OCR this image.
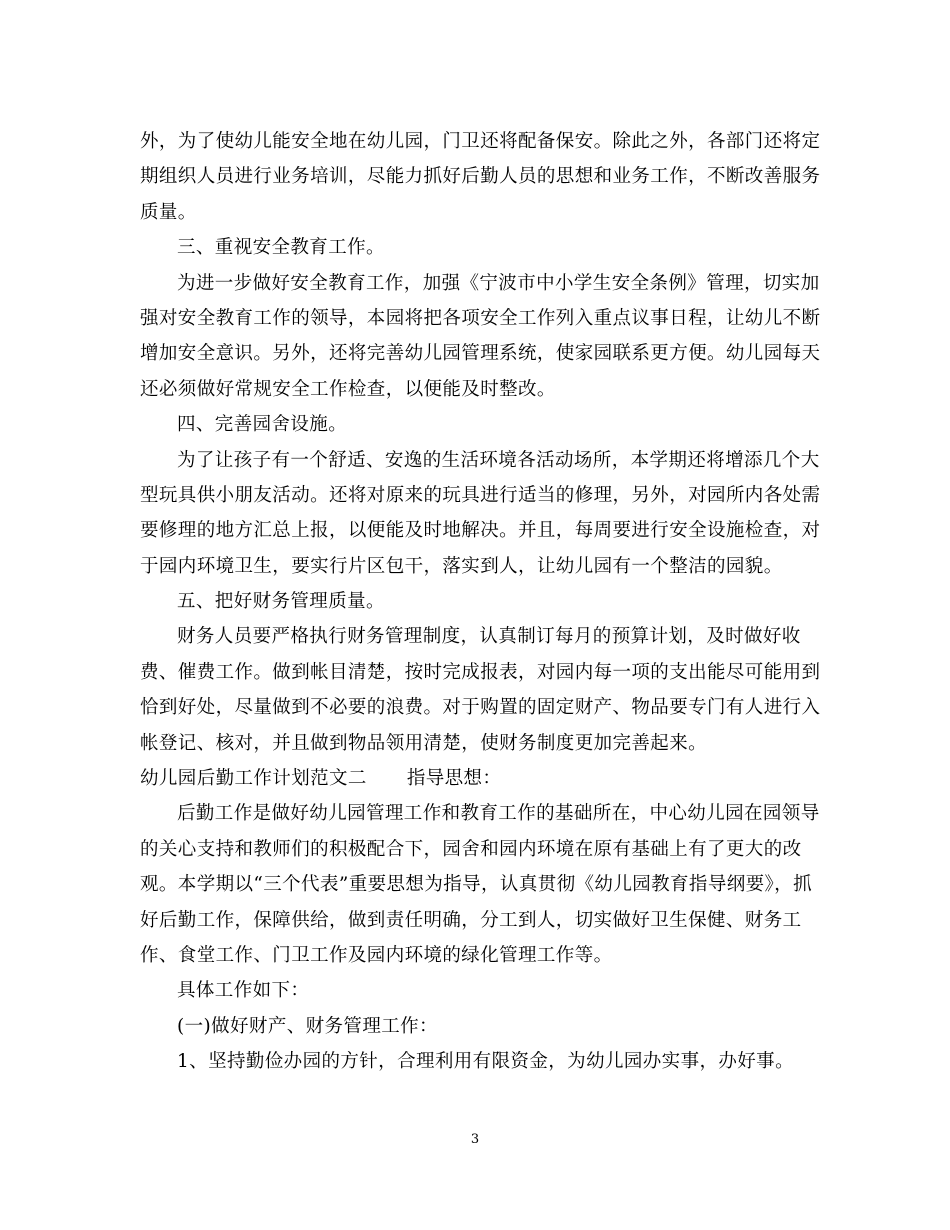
外，为了使幼儿能安全地在幼儿园，门卫还将配备保安。除此之外，各部门还将定
期组织人员进行业务培训，尽能力抓好后勤人员的思想和业务工作，不断改善服务
质量。
三、重视安全教育工作。
为进一步做好安全教育工作，加强《宁波市中小学生安全条例》管理，切实加
强对安全教育工作的领导，本园将把各项安全工作列入重点议事日程，让幼儿不断
增加安全意识。另外，还将完善幼儿园管理系统，使家园联系更方便。幼儿园每天
还必须做好常规安全工作检查，以便能及时整改。
四、完善园舍设施。
为了让孩子有一个舒适、安逸的生活环境各活动场所，本学期还将增添几个大
型玩具供小朋友活动。还将对原来的玩具进行适当的修理，另外，对园所内各处需
要修理的地方汇总上报，以便能及时地解决。并且，每周要进行安全设施检查，对
于园内环境卫生，要实行片区包干，落实到人，让幼儿园有一个整洁的园貌。
五、把好财务管理质量。
财务人员要严格执行财务管理制度，认真制订每月的预算计划，及时做好收
费、催费工作。做到帐目清楚，按时完成报表，对园内每一项的支出能尽可能用到
恰到好处，尽量做到不必要的浪费。对于购置的固定财产、物品要专门有人进行入
帐登记、核对，并且做到物品领用清楚，使财务制度更加完善起来。
幼儿园后勤工作计划范文二 指导思想：
后勤工作是做好幼儿园管理工作和教育工作的基础所在，中心幼儿园在园领导
的关心支持和教师们的积极配合下，园舍和园内环境在原有基础上有了更大的改
观。本学期以“三个代表”重要思想为指导，认真贯彻《幼儿园教育指导纲要》，抓
好后勤工作，保障供给，做到责任明确，分工到人，切实做好卫生保健、财务工
作、食堂工作、门卫工作及园内环境的绿化管理工作等。
具体工作如下：
(一)做好财产、财务管理工作：
1、坚持勤俭办园的方针，合理利用有限资金，为幼儿园办实事，办好事。
3
